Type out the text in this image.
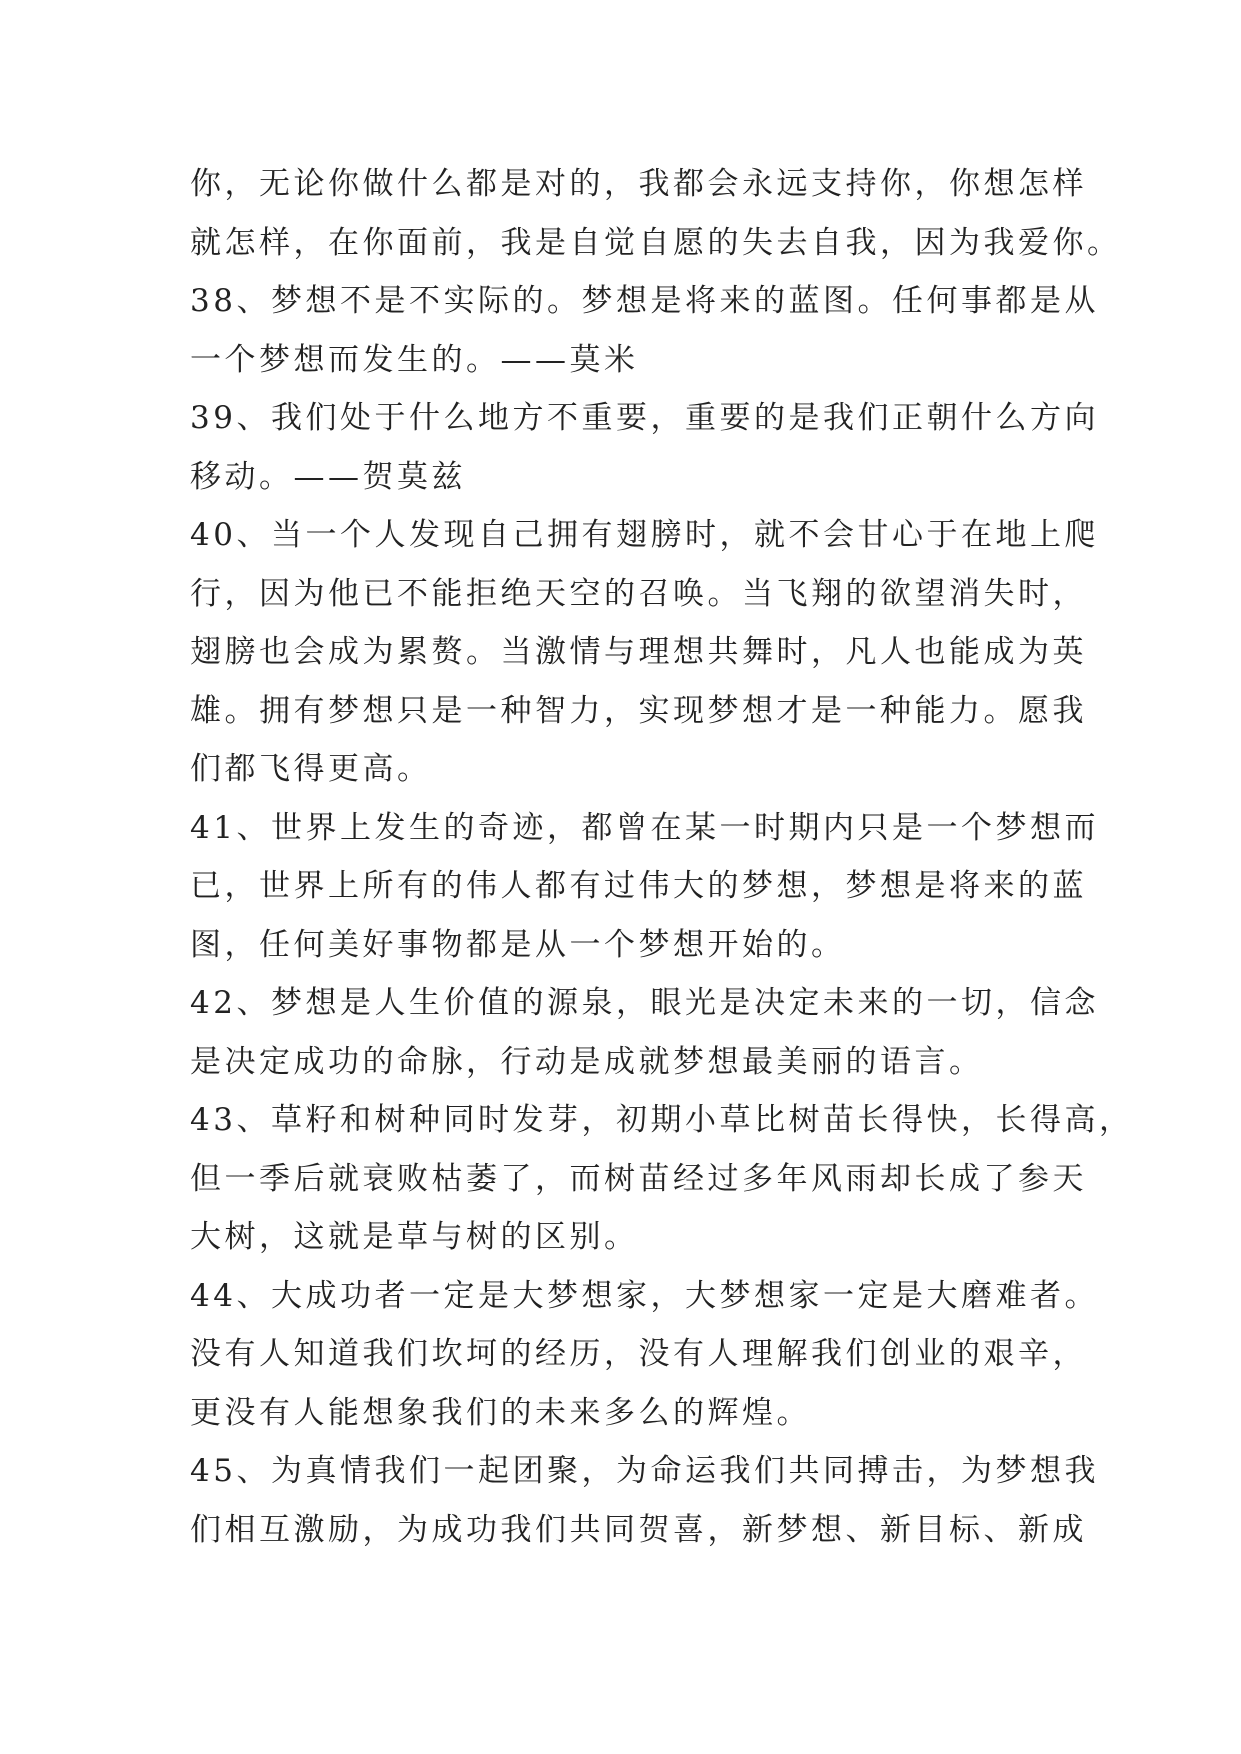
你，无论你做什么都是对的，我都会永远支持你，你想怎样
就怎样，在你面前，我是自觉自愿的失去自我，因为我爱你。
38、梦想不是不实际的。梦想是将来的蓝图。任何事都是从
一个梦想而发生的。——莫米
39、我们处于什么地方不重要，重要的是我们正朝什么方向
移动。——贺莫兹
40、当一个人发现自己拥有翅膀时，就不会甘心于在地上爬
行，因为他已不能拒绝天空的召唤。当飞翔的欲望消失时，
翅膀也会成为累赘。当激情与理想共舞时，凡人也能成为英
雄。拥有梦想只是一种智力，实现梦想才是一种能力。愿我
们都飞得更高。
41、世界上发生的奇迹，都曾在某一时期内只是一个梦想而
已，世界上所有的伟人都有过伟大的梦想，梦想是将来的蓝
图，任何美好事物都是从一个梦想开始的。
42、梦想是人生价值的源泉，眼光是决定未来的一切，信念
是决定成功的命脉，行动是成就梦想最美丽的语言。
43、草籽和树种同时发芽，初期小草比树苗长得快，长得高，
但一季后就衰败枯萎了，而树苗经过多年风雨却长成了参天
大树，这就是草与树的区别。
44、大成功者一定是大梦想家，大梦想家一定是大磨难者。
没有人知道我们坎坷的经历，没有人理解我们创业的艰辛，
更没有人能想象我们的未来多么的辉煌。
45、为真情我们一起团聚，为命运我们共同搏击，为梦想我
们相互激励，为成功我们共同贺喜，新梦想、新目标、新成
